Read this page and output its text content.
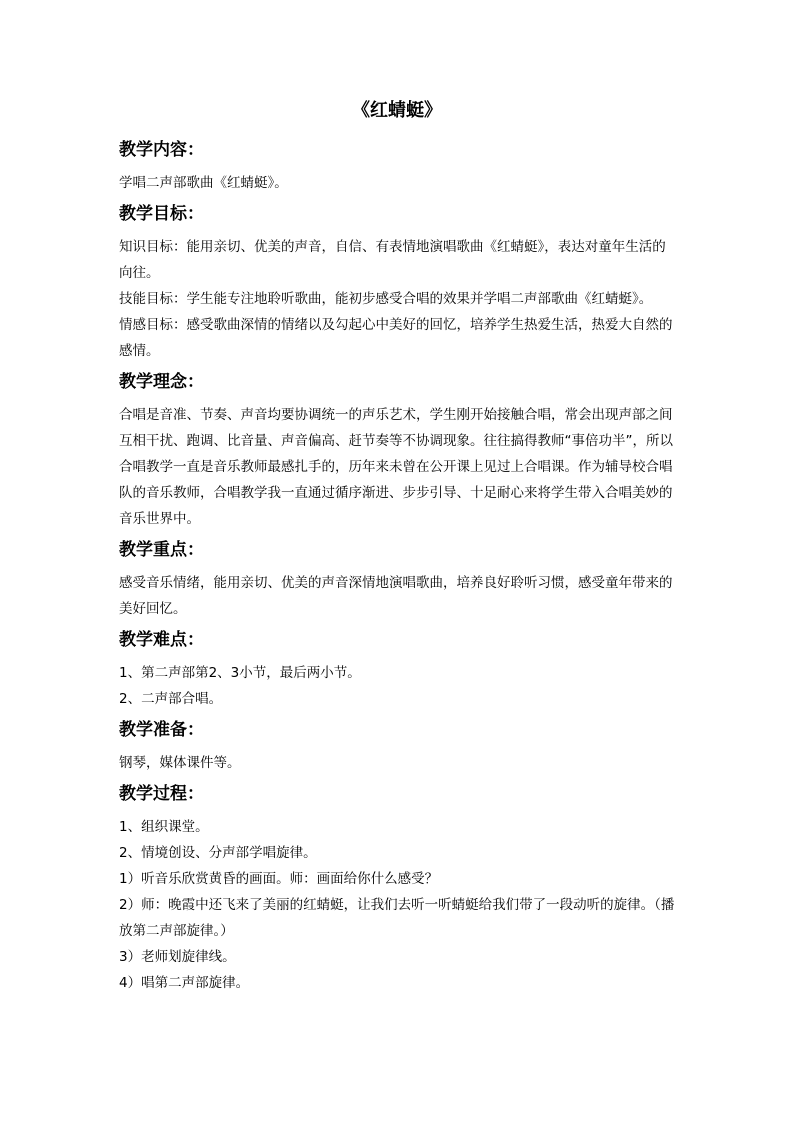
《红蜻蜓》
教学内容：

学唱二声部歌曲《红蜻蜓》。

教学目标：

知识目标：能用亲切、优美的声音，自信、有表情地演唱歌曲《红蜻蜓》，表达对童年生活的向往。

技能目标：学生能专注地聆听歌曲，能初步感受合唱的效果并学唱二声部歌曲《红蜻蜓》。

情感目标：感受歌曲深情的情绪以及勾起心中美好的回忆，培养学生热爱生活，热爱大自然的感情。

教学理念：

合唱是音准、节奏、声音均要协调统一的声乐艺术，学生刚开始接触合唱，常会出现声部之间互相干扰、跑调、比音量、声音偏高、赶节奏等不协调现象。往往搞得教师“事倍功半”，所以合唱教学一直是音乐教师最感扎手的，历年来未曾在公开课上见过上合唱课。作为辅导校合唱队的音乐教师，合唱教学我一直通过循序渐进、步步引导、十足耐心来将学生带入合唱美妙的音乐世界中。

教学重点：

感受音乐情绪，能用亲切、优美的声音深情地演唱歌曲，培养良好聆听习惯，感受童年带来的美好回忆。

教学难点：

1、第二声部第2、3小节，最后两小节。

2、二声部合唱。

教学准备：

钢琴，媒体课件等。

教学过程：

1、组织课堂。

2、情境创设、分声部学唱旋律。

1）听音乐欣赏黄昏的画面。师：画面给你什么感受？

2）师：晚霞中还飞来了美丽的红蜻蜓，让我们去听一听蜻蜓给我们带了一段动听的旋律。（播放第二声部旋律。）

3）老师划旋律线。

4）唱第二声部旋律。
